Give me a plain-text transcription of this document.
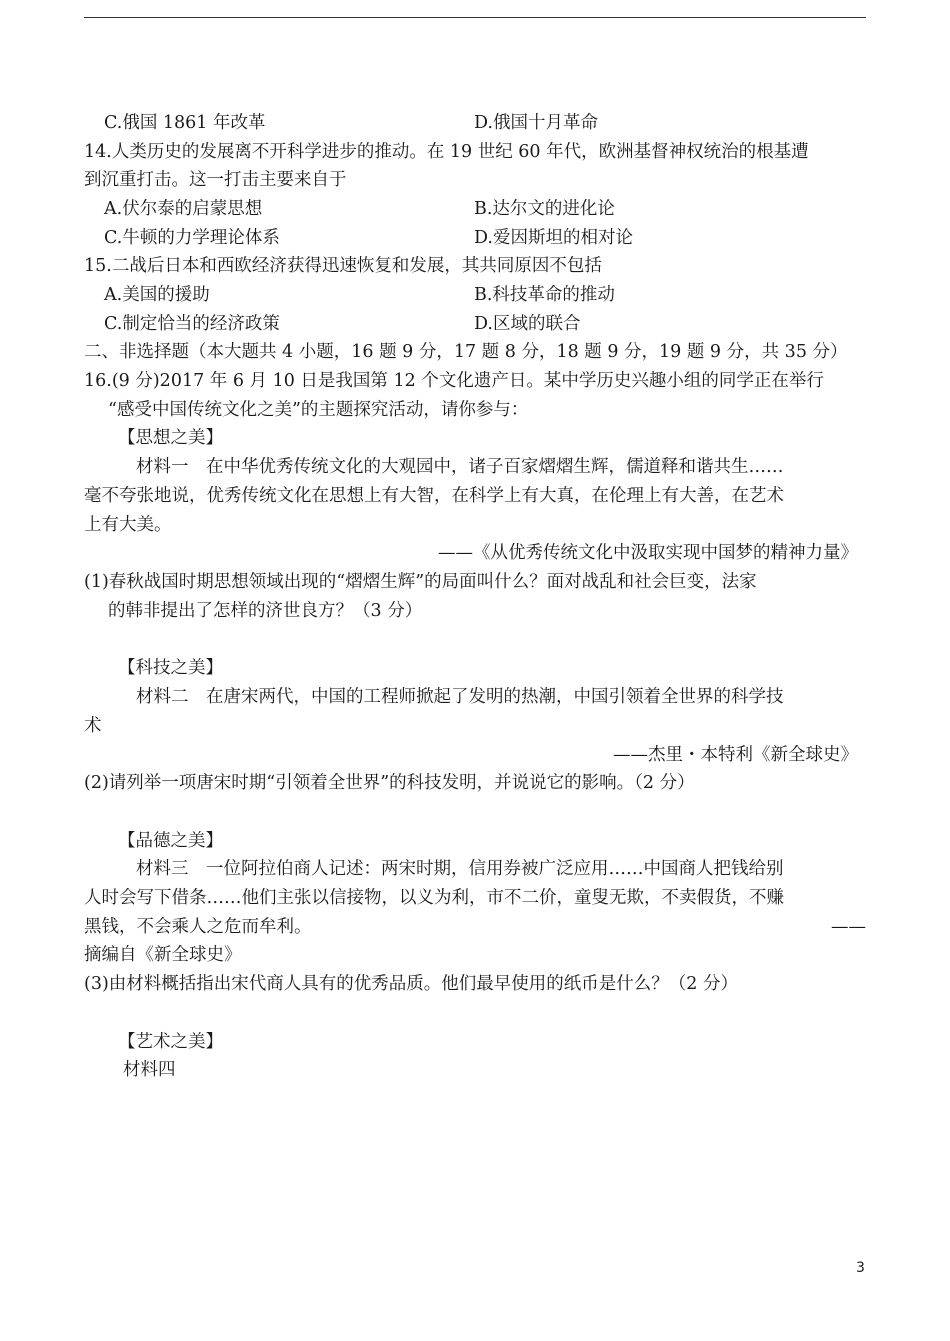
C.俄国 1861 年改革	D.俄国十月革命
14.人类历史的发展离不开科学进步的推动。在 19 世纪 60 年代，欧洲基督神权统治的根基遭
到沉重打击。这一打击主要来自于
A.伏尔泰的启蒙思想	B.达尔文的进化论
C.牛顿的力学理论体系	D.爱因斯坦的相对论
15.二战后日本和西欧经济获得迅速恢复和发展，其共同原因不包括
A.美国的援助	B.科技革命的推动
C.制定恰当的经济政策	D.区域的联合
二、非选择题（本大题共 4 小题，16 题 9 分，17 题 8 分，18 题 9 分，19 题 9 分，共 35 分）
16.(9 分)2017 年 6 月 10 日是我国第 12 个文化遗产日。某中学历史兴趣小组的同学正在举行
“感受中国传统文化之美”的主题探究活动，请你参与：
【思想之美】
材料一　在中华优秀传统文化的大观园中，诸子百家熠熠生辉，儒道释和谐共生……
毫不夸张地说，优秀传统文化在思想上有大智，在科学上有大真，在伦理上有大善，在艺术
上有大美。
——《从优秀传统文化中汲取实现中国梦的精神力量》
(1)春秋战国时期思想领域出现的“熠熠生辉”的局面叫什么？面对战乱和社会巨变，法家
的韩非提出了怎样的济世良方？（3 分）
【科技之美】
材料二　在唐宋两代，中国的工程师掀起了发明的热潮，中国引领着全世界的科学技
术
——杰里・本特利《新全球史》
(2)请列举一项唐宋时期“引领着全世界”的科技发明，并说说它的影响。（2 分）
【品德之美】
材料三　一位阿拉伯商人记述：两宋时期，信用券被广泛应用……中国商人把钱给别
人时会写下借条……他们主张以信接物，以义为利，市不二价，童叟无欺，不卖假货，不赚
黑钱，不会乘人之危而牟利。	——
摘编自《新全球史》
(3)由材料概括指出宋代商人具有的优秀品质。他们最早使用的纸币是什么？（2 分）
【艺术之美】
材料四
3
